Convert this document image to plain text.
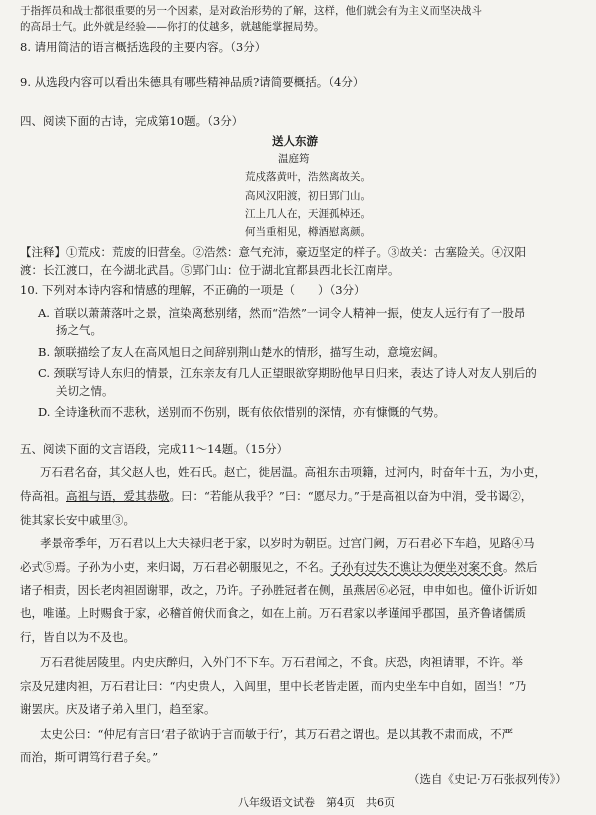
于指挥员和战士都很重要的另一个因素，是对政治形势的了解，这样，他们就会有为主义而坚决战斗
的高昂士气。此外就是经验——你打的仗越多，就越能掌握局势。
8. 请用简洁的语言概括选段的主要内容。（3分）
9. 从选段内容可以看出朱德具有哪些精神品质?请简要概括。（4分）
四、阅读下面的古诗，完成第10题。（3分）
送人东游
温庭筠
荒戍落黄叶，浩然离故关。
高风汉阳渡，初日郢门山。
江上几人在，天涯孤棹还。
何当重相见，樽酒慰离颜。
【注释】①荒戍：荒废的旧营垒。②浩然：意气充沛，豪迈坚定的样子。③故关：古塞险关。④汉阳
渡：长江渡口，在今湖北武昌。⑤郢门山：位于湖北宜都县西北长江南岸。
10. 下列对本诗内容和情感的理解，不正确的一项是（　　）（3分）
A. 首联以萧萧落叶之景，渲染离愁别绪，然而“浩然”一词令人精神一振，使友人远行有了一股昂
扬之气。
B. 颔联描绘了友人在高风旭日之间辞别荆山楚水的情形，描写生动，意境宏阔。
C. 颈联写诗人东归的情景，江东亲友有几人正望眼欲穿期盼他早日归来，表达了诗人对友人别后的
关切之情。
D. 全诗逢秋而不悲秋，送别而不伤别，既有依依惜别的深情，亦有慷慨的气势。
五、阅读下面的文言语段，完成11～14题。（15分）
万石君名奋，其父赵人也，姓石氏。赵亡，徙居温。高祖东击项籍，过河内，时奋年十五，为小吏，
侍高祖。高祖与语，爱其恭敬。曰：“若能从我乎？”曰：“愿尽力。”于是高祖以奋为中涓，受书谒②，
徙其家长安中戚里③。
孝景帝季年，万石君以上大夫禄归老于家，以岁时为朝臣。过宫门阙，万石君必下车趋，见路④马
必式⑤焉。子孙为小吏，来归谒，万石君必朝服见之，不名。子孙有过失不谯让为便坐对案不食。然后
诸子相责，因长老肉袒固谢罪，改之，乃许。子孙胜冠者在侧，虽燕居⑥必冠，申申如也。僮仆䜣䜣如
也，唯谨。上时赐食于家，必稽首俯伏而食之，如在上前。万石君家以孝谨闻乎郡国，虽齐鲁诸儒质
行，皆自以为不及也。
万石君徙居陵里。内史庆醉归，入外门不下车。万石君闻之，不食。庆恐，肉袒请罪，不许。举
宗及兄建肉袒，万石君让曰：“内史贵人，入闾里，里中长老皆走匿，而内史坐车中自如，固当！”乃
谢罢庆。庆及诸子弟入里门，趋至家。
太史公曰：“仲尼有言曰‘君子欲讷于言而敏于行’，其万石君之谓也。是以其教不肃而成，不严
而治，斯可谓笃行君子矣。”
（选自《史记·万石张叔列传》）
八年级语文试卷　第4页　共6页
